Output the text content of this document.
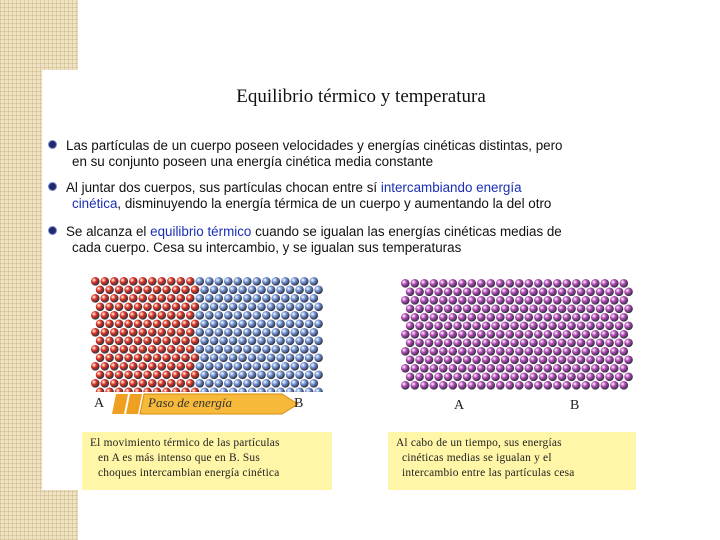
Equilibrio térmico y temperatura
Las partículas de un cuerpo poseen velocidades y energías cinéticas distintas, pero
en su conjunto poseen una energía cinética media constante
Al juntar dos cuerpos, sus partículas chocan entre sí intercambiando energía
cinética, disminuyendo la energía térmica de un cuerpo y aumentando la del otro
Se alcanza el equilibrio térmico cuando se igualan las energías cinéticas medias de
cada cuerpo. Cesa su intercambio, y se igualan sus temperaturas
Paso de energía
A	B
El movimiento térmico de las partículas
en A es más intenso que en B. Sus
choques intercambian energía cinética
A	B
Al cabo de un tiempo, sus energías
cinéticas medias se igualan y el
intercambio entre las partículas cesa
